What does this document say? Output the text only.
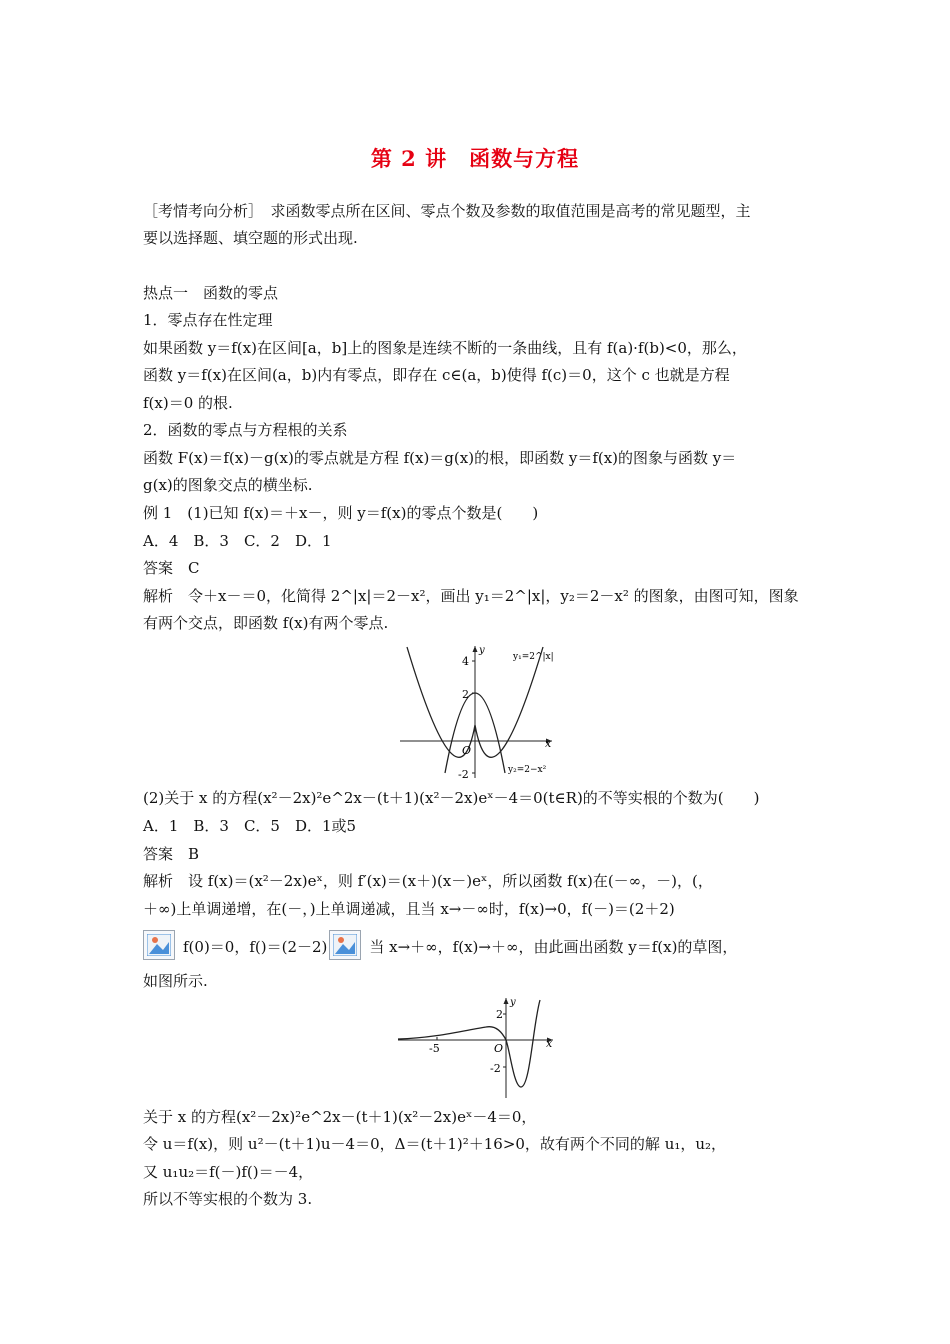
第 2 讲 函数与方程
［考情考向分析］　求函数零点所在区间、零点个数及参数的取值范围是高考的常见题型，主
要以选择题、填空题的形式出现.
热点一　函数的零点
1．零点存在性定理
如果函数 y＝f(x)在区间[a，b]上的图象是连续不断的一条曲线，且有 f(a)·f(b)<0，那么，
函数 y＝f(x)在区间(a，b)内有零点，即存在 c∈(a，b)使得 f(c)＝0，这个 c 也就是方程
f(x)＝0 的根.
2．函数的零点与方程根的关系
函数 F(x)＝f(x)－g(x)的零点就是方程 f(x)＝g(x)的根，即函数 y＝f(x)的图象与函数 y＝
g(x)的图象交点的横坐标.
例 1　(1)已知 f(x)＝＋x－，则 y＝f(x)的零点个数是(　　)
A．4　B．3　C．2　D．1
答案　C
解析　令＋x－＝0，化简得 2^|x|＝2－x²，画出 y₁＝2^|x|，y₂＝2－x² 的图象，由图可知，图象
有两个交点，即函数 f(x)有两个零点.
y
x
O
4
2
-2
y₁=2^|x|
y₂=2−x²
(2)关于 x 的方程(x²－2x)²e^2x－(t＋1)(x²－2x)eˣ－4＝0(t∈R)的不等实根的个数为(　　)
A．1　B．3　C．5　D．1或5
答案　B
解析　设 f(x)＝(x²－2x)eˣ，则 f′(x)＝(x＋)(x－)eˣ，所以函数 f(x)在(－∞，－)，(，
＋∞)上单调递增，在(－，)上单调递减，且当 x→－∞时，f(x)→0，f(－)＝(2＋2)
f(0)＝0，f()＝(2－2)	当 x→＋∞，f(x)→＋∞，由此画出函数 y＝f(x)的草图，
如图所示.
y
x
O
2
-2
-5
关于 x 的方程(x²－2x)²e^2x－(t＋1)(x²－2x)eˣ－4＝0，
令 u＝f(x)，则 u²－(t＋1)u－4＝0，Δ＝(t＋1)²＋16>0，故有两个不同的解 u₁，u₂，
又 u₁u₂＝f(－)f()＝－4，
所以不等实根的个数为 3.
